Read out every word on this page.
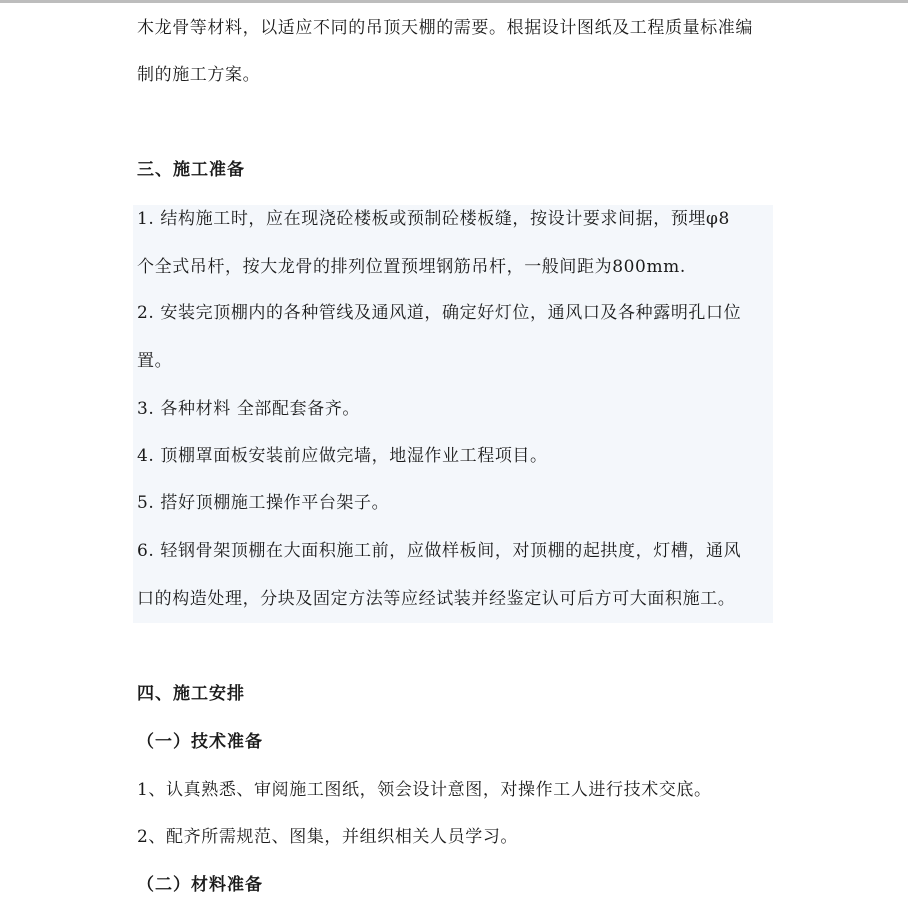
木龙骨等材料，以适应不同的吊顶天棚的需要。根据设计图纸及工程质量标准编
制的施工方案。
三、施工准备
1. 结构施工时，应在现浇砼楼板或预制砼楼板缝，按设计要求间据，预埋φ8
个全式吊杆，按大龙骨的排列位置预埋钢筋吊杆，一般间距为800mm.
2. 安装完顶棚内的各种管线及通风道，确定好灯位，通风口及各种露明孔口位
置。
3. 各种材料 全部配套备齐。
4. 顶棚罩面板安装前应做完墙，地湿作业工程项目。
5. 搭好顶棚施工操作平台架子。
6. 轻钢骨架顶棚在大面积施工前，应做样板间，对顶棚的起拱度，灯槽，通风
口的构造处理，分块及固定方法等应经试装并经鉴定认可后方可大面积施工。
四、施工安排
（一）技术准备
1、认真熟悉、审阅施工图纸，领会设计意图，对操作工人进行技术交底。
2、配齐所需规范、图集，并组织相关人员学习。
（二）材料准备
